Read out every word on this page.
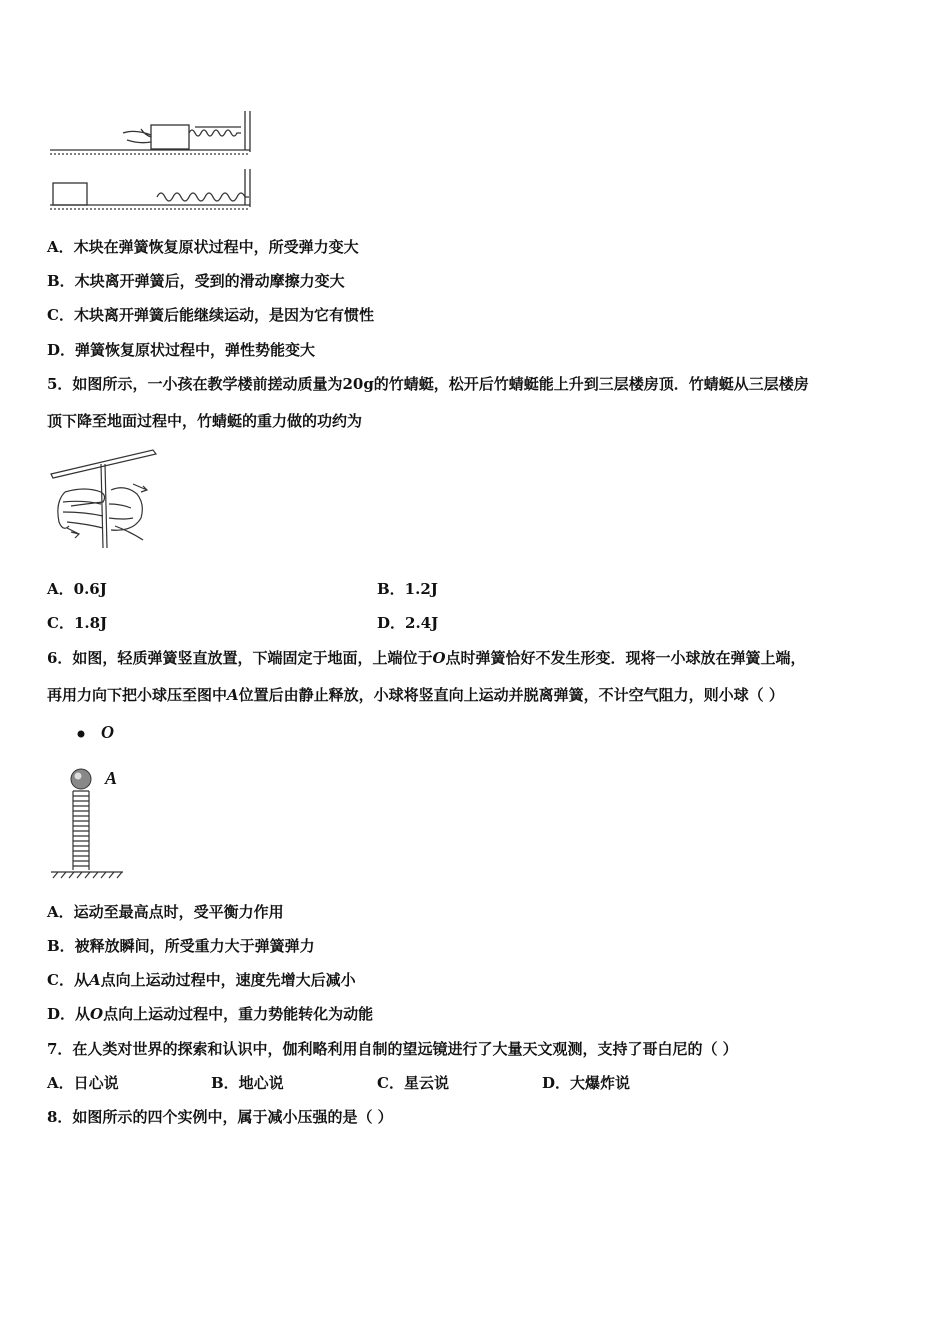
A．木块在弹簧恢复原状过程中，所受弹力变大
B．木块离开弹簧后，受到的滑动摩擦力变大
C．木块离开弹簧后能继续运动，是因为它有惯性
D．弹簧恢复原状过程中，弹性势能变大
5．如图所示，一小孩在教学楼前搓动质量为20g的竹蜻蜓，松开后竹蜻蜓能上升到三层楼房顶．竹蜻蜓从三层楼房
顶下降至地面过程中，竹蜻蜓的重力做的功约为
A．0.6J	B．1.2J
C．1.8J	D．2.4J
6．如图，轻质弹簧竖直放置，下端固定于地面，上端位于O点时弹簧恰好不发生形变．现将一小球放在弹簧上端，
再用力向下把小球压至图中A位置后由静止释放，小球将竖直向上运动并脱离弹簧，不计空气阻力，则小球（ ）
O
A
A．运动至最高点时，受平衡力作用
B．被释放瞬间，所受重力大于弹簧弹力
C．从A点向上运动过程中，速度先增大后减小
D．从O点向上运动过程中，重力势能转化为动能
7．在人类对世界的探索和认识中，伽利略利用自制的望远镜进行了大量天文观测，支持了哥白尼的（ ）
A．日心说	B．地心说	C．星云说	D．大爆炸说
8．如图所示的四个实例中，属于减小压强的是（ ）
